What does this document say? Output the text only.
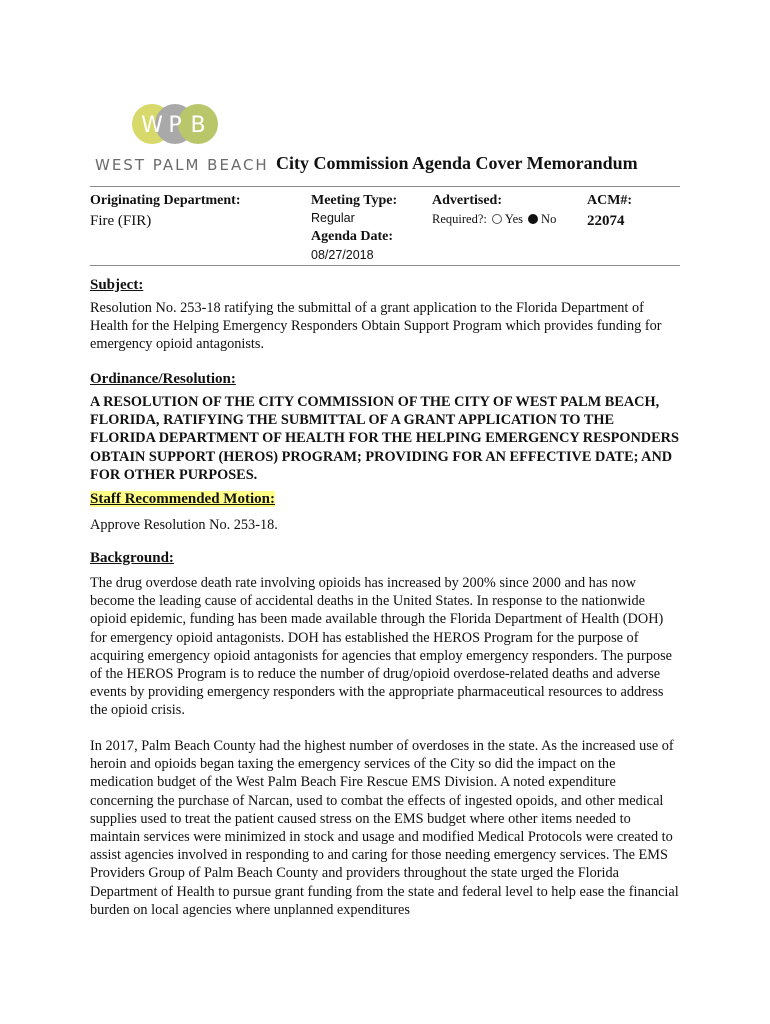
W P B
WEST PALM BEACH City Commission Agenda Cover Memorandum
Originating Department:
Fire (FIR)
Meeting Type:
Regular
Agenda Date:
08/27/2018
Advertised:
Required?: Yes No
ACM#:
22074
Subject:
Resolution No. 253-18 ratifying the submittal of a grant application to the Florida Department of Health for the Helping Emergency Responders Obtain Support Program which provides funding for emergency opioid antagonists.
Ordinance/Resolution:
A RESOLUTION OF THE CITY COMMISSION OF THE CITY OF WEST PALM BEACH, FLORIDA, RATIFYING THE SUBMITTAL OF A GRANT APPLICATION TO THE FLORIDA DEPARTMENT OF HEALTH FOR THE HELPING EMERGENCY RESPONDERS OBTAIN SUPPORT (HEROS) PROGRAM; PROVIDING FOR AN EFFECTIVE DATE; AND FOR OTHER PURPOSES.
Staff Recommended Motion:
Approve Resolution No. 253-18.
Background:
The drug overdose death rate involving opioids has increased by 200% since 2000 and has now become the leading cause of accidental deaths in the United States. In response to the nationwide opioid epidemic, funding has been made available through the Florida Department of Health (DOH) for emergency opioid antagonists. DOH has established the HEROS Program for the purpose of acquiring emergency opioid antagonists for agencies that employ emergency responders. The purpose of the HEROS Program is to reduce the number of drug/opioid overdose-related deaths and adverse events by providing emergency responders with the appropriate pharmaceutical resources to address the opioid crisis.
In 2017, Palm Beach County had the highest number of overdoses in the state. As the increased use of heroin and opioids began taxing the emergency services of the City so did the impact on the medication budget of the West Palm Beach Fire Rescue EMS Division. A noted expenditure concerning the purchase of Narcan, used to combat the effects of ingested opoids, and other medical supplies used to treat the patient caused stress on the EMS budget where other items needed to maintain services were minimized in stock and usage and modified Medical Protocols were created to assist agencies involved in responding to and caring for those needing emergency services. The EMS Providers Group of Palm Beach County and providers throughout the state urged the Florida Department of Health to pursue grant funding from the state and federal level to help ease the financial burden on local agencies where unplanned expenditures
